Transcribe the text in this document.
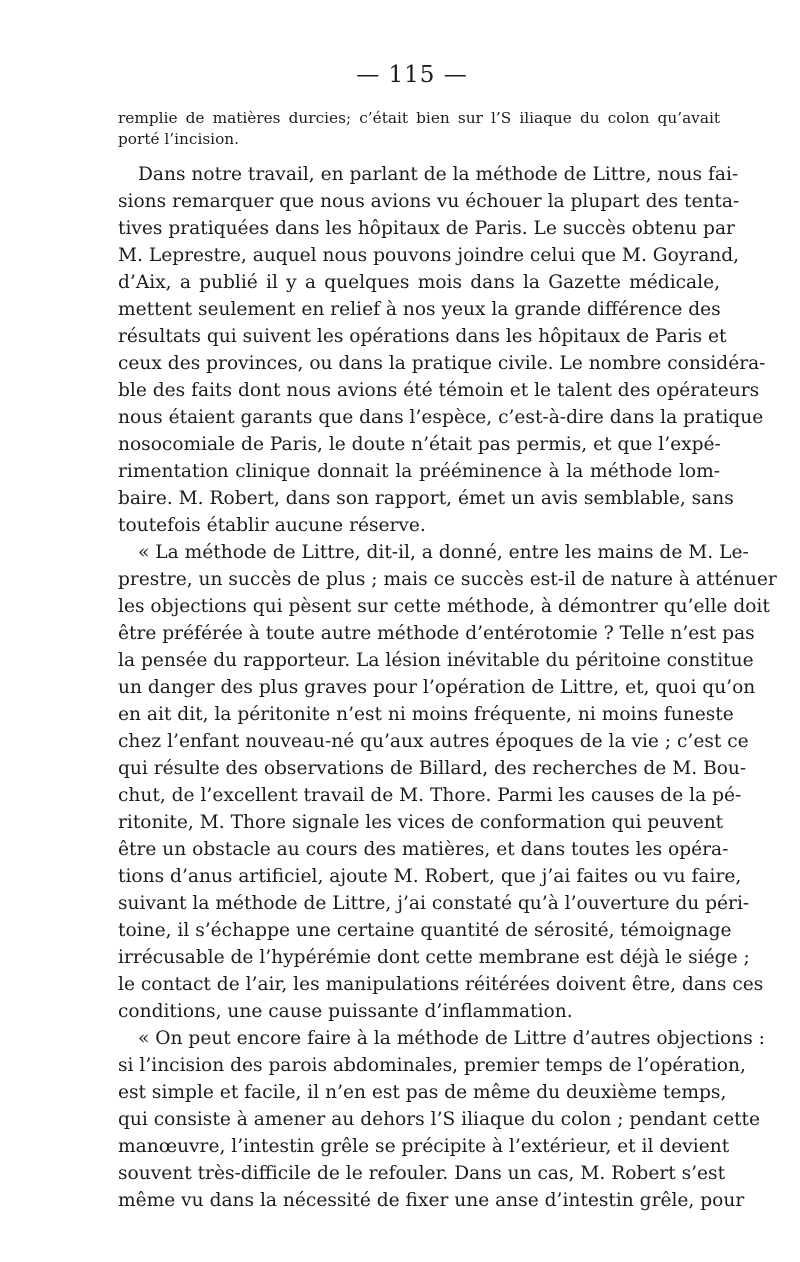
— 115 —
remplie de matières durcies; c’était bien sur l’S iliaque du colon qu’avait
porté l’incision.
Dans notre travail, en parlant de la méthode de Littre, nous fai-
sions remarquer que nous avions vu échouer la plupart des tenta-
tives pratiquées dans les hôpitaux de Paris. Le succès obtenu par
M. Leprestre, auquel nous pouvons joindre celui que M. Goyrand,
d’Aix, a publié il y a quelques mois dans la Gazette médicale,
mettent seulement en relief à nos yeux la grande différence des
résultats qui suivent les opérations dans les hôpitaux de Paris et
ceux des provinces, ou dans la pratique civile. Le nombre considéra-
ble des faits dont nous avions été témoin et le talent des opérateurs
nous étaient garants que dans l’espèce, c’est-à-dire dans la pratique
nosocomiale de Paris, le doute n’était pas permis, et que l’expé-
rimentation clinique donnait la prééminence à la méthode lom-
baire. M. Robert, dans son rapport, émet un avis semblable, sans
toutefois établir aucune réserve.
« La méthode de Littre, dit-il, a donné, entre les mains de M. Le-
prestre, un succès de plus ; mais ce succès est-il de nature à atténuer
les objections qui pèsent sur cette méthode, à démontrer qu’elle doit
être préférée à toute autre méthode d’entérotomie ? Telle n’est pas
la pensée du rapporteur. La lésion inévitable du péritoine constitue
un danger des plus graves pour l’opération de Littre, et, quoi qu’on
en ait dit, la péritonite n’est ni moins fréquente, ni moins funeste
chez l’enfant nouveau-né qu’aux autres époques de la vie ; c’est ce
qui résulte des observations de Billard, des recherches de M. Bou-
chut, de l’excellent travail de M. Thore. Parmi les causes de la pé-
ritonite, M. Thore signale les vices de conformation qui peuvent
être un obstacle au cours des matières, et dans toutes les opéra-
tions d’anus artificiel, ajoute M. Robert, que j’ai faites ou vu faire,
suivant la méthode de Littre, j’ai constaté qu’à l’ouverture du péri-
toine, il s’échappe une certaine quantité de sérosité, témoignage
irrécusable de l’hypérémie dont cette membrane est déjà le siége ;
le contact de l’air, les manipulations réitérées doivent être, dans ces
conditions, une cause puissante d’inflammation.
« On peut encore faire à la méthode de Littre d’autres objections :
si l’incision des parois abdominales, premier temps de l’opération,
est simple et facile, il n’en est pas de même du deuxième temps,
qui consiste à amener au dehors l’S iliaque du colon ; pendant cette
manœuvre, l’intestin grêle se précipite à l’extérieur, et il devient
souvent très-difficile de le refouler. Dans un cas, M. Robert s’est
même vu dans la nécessité de fixer une anse d’intestin grêle, pour
